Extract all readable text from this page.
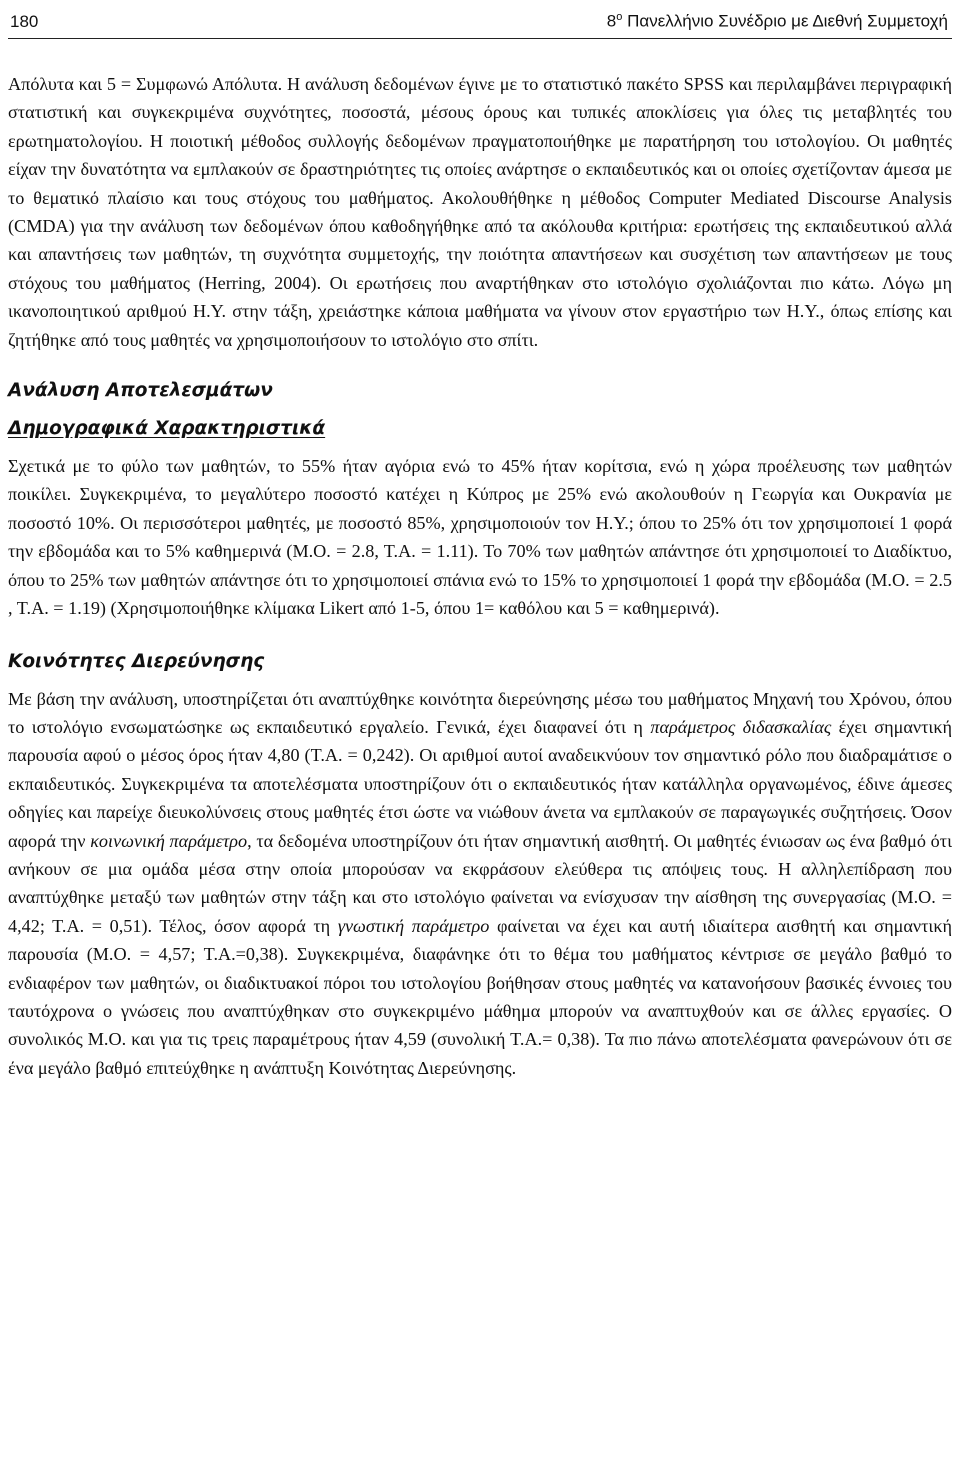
180	$8^o$ Πανελλήνιο Συνέδριο με Διεθνή Συμμετοχή

Απόλυτα και 5 = Συμφωνώ Απόλυτα. Η ανάλυση δεδομένων έγινε με το στατιστικό πακέτο SPSS και περιλαμβάνει περιγραφική στατιστική και συγκεκριμένα συχνότητες, ποσοστά, μέσους όρους και τυπικές αποκλίσεις για όλες τις μεταβλητές του ερωτηματολογίου. Η ποιοτική μέθοδος συλλογής δεδομένων πραγματοποιήθηκε με παρατήρηση του ιστολογίου. Οι μαθητές είχαν την δυνατότητα να εμπλακούν σε δραστηριότητες τις οποίες ανάρτησε ο εκπαιδευτικός και οι οποίες σχετίζονταν άμεσα με το θεματικό πλαίσιο και τους στόχους του μαθήματος. Ακολουθήθηκε η μέθοδος Computer Mediated Discourse Analysis (CMDA) για την ανάλυση των δεδομένων όπου καθοδηγήθηκε από τα ακόλουθα κριτήρια: ερωτήσεις της εκπαιδευτικού αλλά και απαντήσεις των μαθητών, τη συχνότητα συμμετοχής, την ποιότητα απαντήσεων και συσχέτιση των απαντήσεων με τους στόχους του μαθήματος (Herring, 2004). Οι ερωτήσεις που αναρτήθηκαν στο ιστολόγιο σχολιάζονται πιο κάτω. Λόγω μη ικανοποιητικού αριθμού Η.Υ. στην τάξη, χρειάστηκε κάποια μαθήματα να γίνουν στον εργαστήριο των Η.Υ., όπως επίσης και ζητήθηκε από τους μαθητές να χρησιμοποιήσουν το ιστολόγιο στο σπίτι.

Ανάλυση Αποτελεσμάτων
Δημογραφικά Χαρακτηριστικά

Σχετικά με το φύλο των μαθητών, το 55% ήταν αγόρια ενώ το 45% ήταν κορίτσια, ενώ η χώρα προέλευσης των μαθητών ποικίλει. Συγκεκριμένα, το μεγαλύτερο ποσοστό κατέχει η Κύπρος με 25% ενώ ακολουθούν η Γεωργία και Ουκρανία με ποσοστό 10%. Οι περισσότεροι μαθητές, με ποσοστό 85%, χρησιμοποιούν τον Η.Υ.; όπου το 25% ότι τον χρησιμοποιεί 1 φορά την εβδομάδα και το 5% καθημερινά (Μ.Ο. = 2.8, Τ.Α. = 1.11). Το 70% των μαθητών απάντησε ότι χρησιμοποιεί το Διαδίκτυο, όπου το 25% των μαθητών απάντησε ότι το χρησιμοποιεί σπάνια ενώ το 15% το χρησιμοποιεί 1 φορά την εβδομάδα (Μ.Ο. = 2.5 , Τ.Α. = 1.19) (Χρησιμοποιήθηκε κλίμακα Likert από 1-5, όπου 1= καθόλου και 5 = καθημερινά).

Κοινότητες Διερεύνησης

Με βάση την ανάλυση, υποστηρίζεται ότι αναπτύχθηκε κοινότητα διερεύνησης μέσω του μαθήματος Μηχανή του Χρόνου, όπου το ιστολόγιο ενσωματώσηκε ως εκπαιδευτικό εργαλείο. Γενικά, έχει διαφανεί ότι η παράμετρος διδασκαλίας έχει σημαντική παρουσία αφού ο μέσος όρος ήταν 4,80 (Τ.Α. = 0,242). Οι αριθμοί αυτοί αναδεικνύουν τον σημαντικό ρόλο που διαδραμάτισε ο εκπαιδευτικός. Συγκεκριμένα τα αποτελέσματα υποστηρίζουν ότι ο εκπαιδευτικός ήταν κατάλληλα οργανωμένος, έδινε άμεσες οδηγίες και παρείχε διευκολύνσεις στους μαθητές έτσι ώστε να νιώθουν άνετα να εμπλακούν σε παραγωγικές συζητήσεις. Όσον αφορά την κοινωνική παράμετρο, τα δεδομένα υποστηρίζουν ότι ήταν σημαντική αισθητή. Οι μαθητές ένιωσαν ως ένα βαθμό ότι ανήκουν σε μια ομάδα μέσα στην οποία μπορούσαν να εκφράσουν ελεύθερα τις απόψεις τους. Η αλληλεπίδραση που αναπτύχθηκε μεταξύ των μαθητών στην τάξη και στο ιστολόγιο φαίνεται να ενίσχυσαν την αίσθηση της συνεργασίας (Μ.Ο. = 4,42; Τ.Α. = 0,51). Τέλος, όσον αφορά τη γνωστική παράμετρο φαίνεται να έχει και αυτή ιδιαίτερα αισθητή και σημαντική παρουσία (Μ.Ο. = 4,57; Τ.Α.=0,38). Συγκεκριμένα, διαφάνηκε ότι το θέμα του μαθήματος κέντρισε σε μεγάλο βαθμό το ενδιαφέρον των μαθητών, οι διαδικτυακοί πόροι του ιστολογίου βοήθησαν στους μαθητές να κατανοήσουν βασικές έννοιες του ταυτόχρονα ο γνώσεις που αναπτύχθηκαν στο συγκεκριμένο μάθημα μπορούν να αναπτυχθούν και σε άλλες εργασίες. Ο συνολικός Μ.Ο. και για τις τρεις παραμέτρους ήταν 4,59 (συνολική Τ.Α.= 0,38). Τα πιο πάνω αποτελέσματα φανερώνουν ότι σε ένα μεγάλο βαθμό επιτεύχθηκε η ανάπτυξη Κοινότητας Διερεύνησης.
